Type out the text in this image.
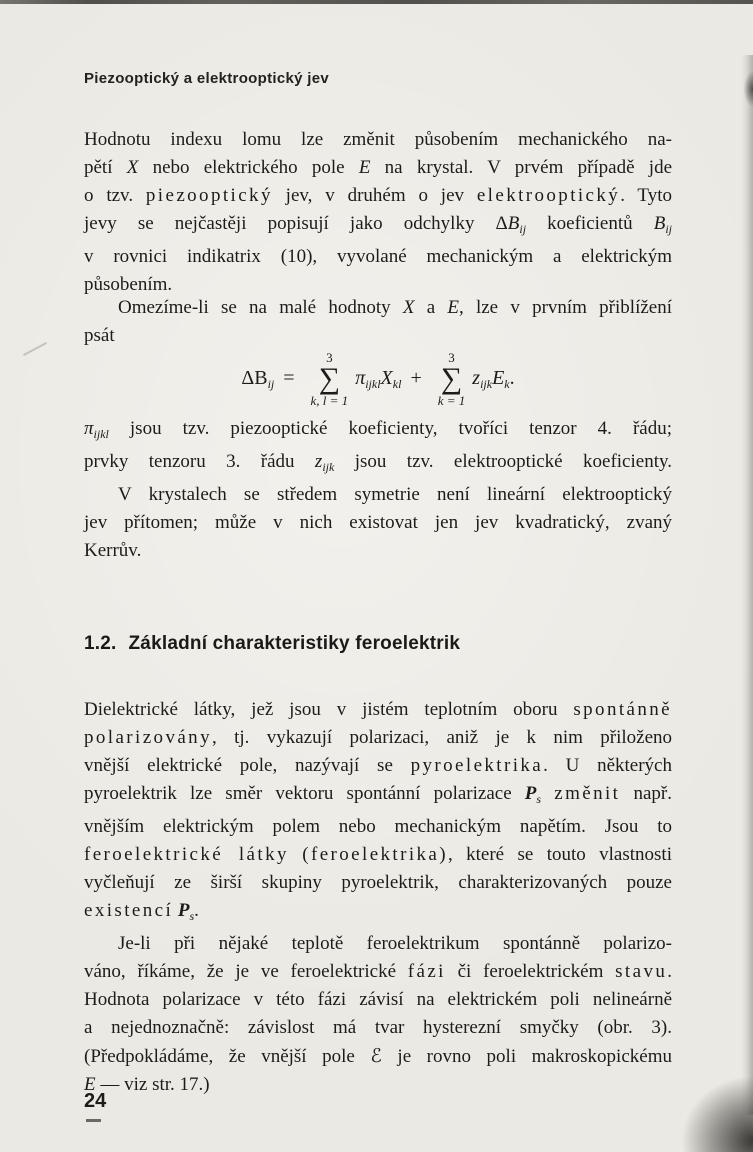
Piezooptický a elektrooptický jev
Hodnotu indexu lomu lze změnit působením mechanického na-
pětí X nebo elektrického pole E na krystal. V prvém případě jde
o tzv. piezooptický jev, v druhém o jev elektrooptický. Tyto
jevy se nejčastěji popisují jako odchylky $\Delta B_{ij}$ koeficientů $B_{ij}$
v rovnici indikatrix (10), vyvolané mechanickým a elektrickým
působením.
Omezíme-li se na malé hodnoty X a E, lze v prvním přiblížení
psát
$\Delta B_{ij}$ =
3
∑
k, l = 1
$\pi_{ijkl}X_{kl}$ +
3
∑
k = 1
$z_{ijk}E_k$.
$\pi_{ijkl}$ jsou tzv. piezooptické koeficienty, tvoříci tenzor 4. řádu;
prvky tenzoru 3. řádu $z_{ijk}$ jsou tzv. elektrooptické koeficienty.
V krystalech se středem symetrie není lineární elektrooptický
jev přítomen; může v nich existovat jen jev kvadratický, zvaný
Kerrův.
1.2. Základní charakteristiky feroelektrik
Dielektrické látky, jež jsou v jistém teplotním oboru spontánně
polarizovány, tj. vykazují polarizaci, aniž je k nim přiloženo
vnější elektrické pole, nazývají se pyroelektrika. U některých
pyroelektrik lze směr vektoru spontánní polarizace $P_s$ změnit např.
vnějším elektrickým polem nebo mechanickým napětím. Jsou to
feroelektrické látky (feroelektrika), které se touto vlastnosti
vyčleňují ze širší skupiny pyroelektrik, charakterizovaných pouze
existencí $P_s$.
Je-li při nějaké teplotě feroelektrikum spontánně polarizo-
váno, říkáme, že je ve feroelektrické fázi či feroelektrickém stavu.
Hodnota polarizace v této fázi závisí na elektrickém poli nelineárně
a nejednoznačně: závislost má tvar hysterezní smyčky (obr. 3).
(Předpokládáme, že vnější pole ℰ je rovno poli makroskopickému
E — viz str. 17.)
24
